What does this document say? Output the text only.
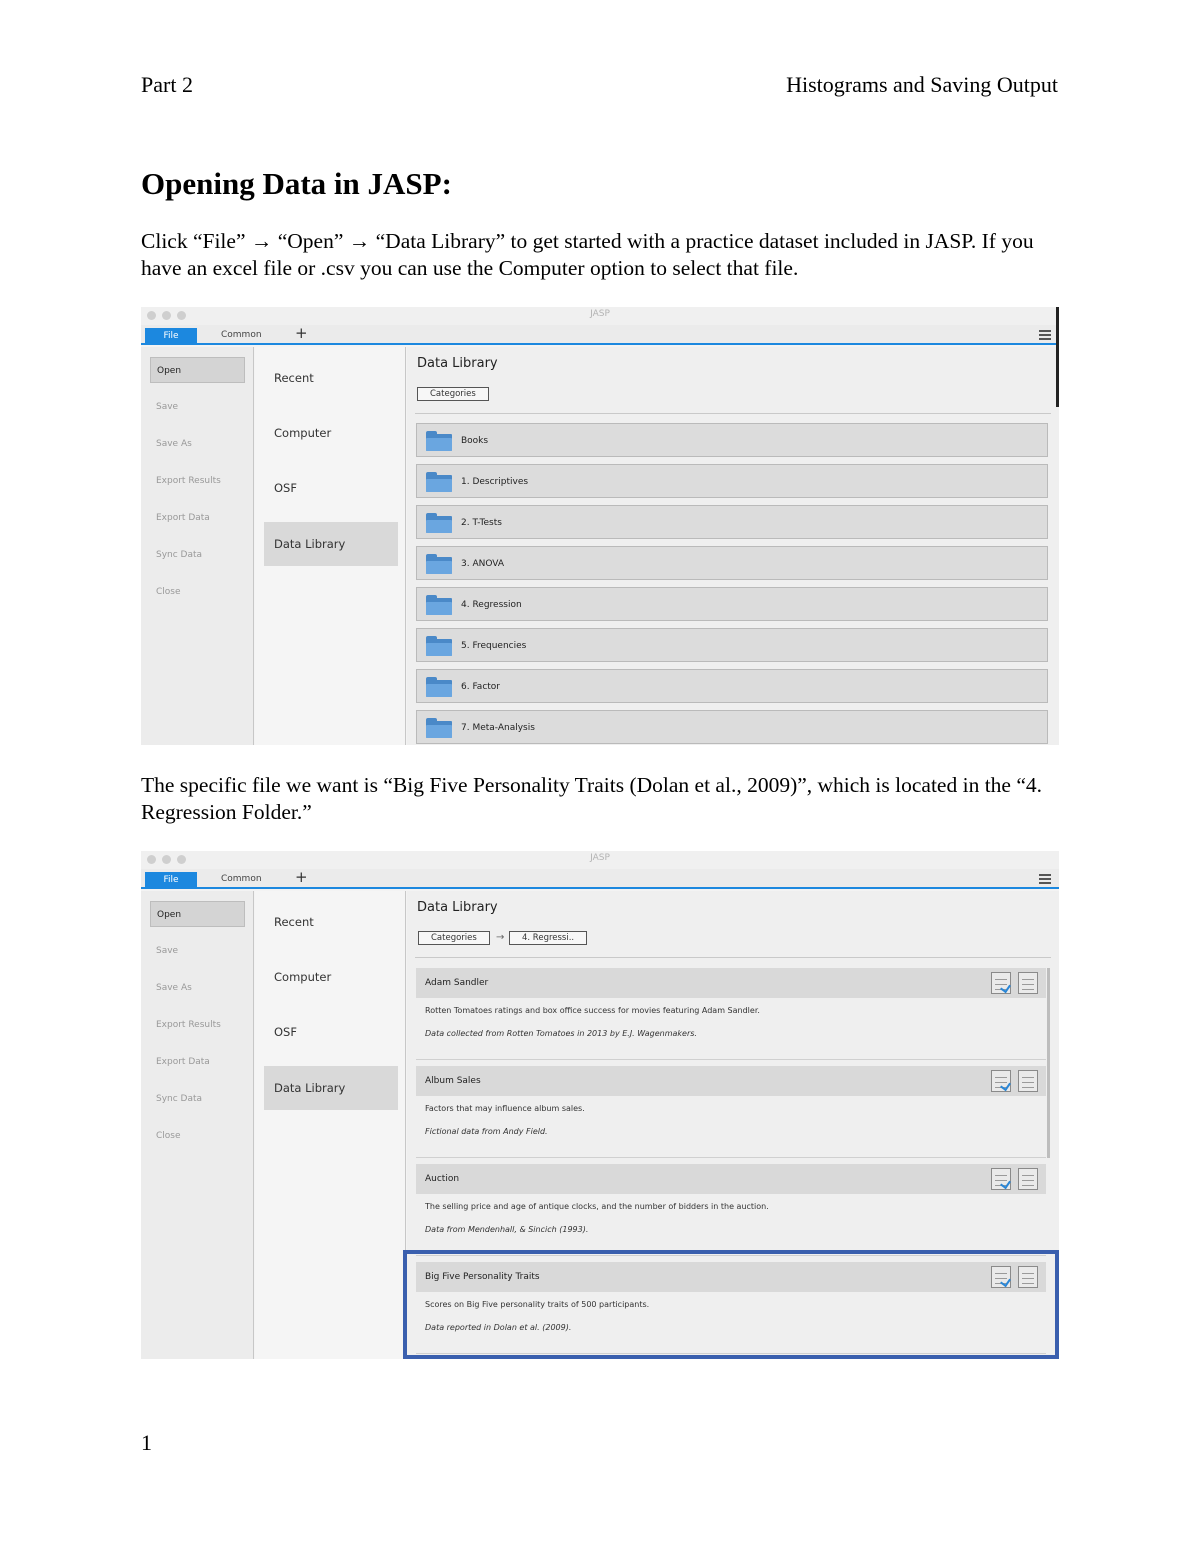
Part 2	Histograms and Saving Output
Opening Data in JASP:
Click “File” → “Open” → “Data Library” to get started with a practice dataset included in JASP. If you have an excel file or .csv you can use the Computer option to select that file.
JASP
File	Common +
Open
Save
Save As
Export Results
Export Data
Sync Data
Close
Recent
Computer
OSF
Data Library
Data Library
Categories
Books
1. Descriptives
2. T-Tests
3. ANOVA
4. Regression
5. Frequencies
6. Factor
7. Meta-Analysis
The specific file we want is “Big Five Personality Traits (Dolan et al., 2009)”, which is located in the “4. Regression Folder.”
JASP
File	Common +
Open
Save
Save As
Export Results
Export Data
Sync Data
Close
Recent
Computer
OSF
Data Library
Data Library
Categories	→	4. Regressi..
Adam Sandler
Rotten Tomatoes ratings and box office success for movies featuring Adam Sandler.
Data collected from Rotten Tomatoes in 2013 by E.J. Wagenmakers.
Album Sales
Factors that may influence album sales.
Fictional data from Andy Field.
Auction
The selling price and age of antique clocks, and the number of bidders in the auction.
Data from Mendenhall, & Sincich (1993).
Big Five Personality Traits
Scores on Big Five personality traits of 500 participants.
Data reported in Dolan et al. (2009).
1
